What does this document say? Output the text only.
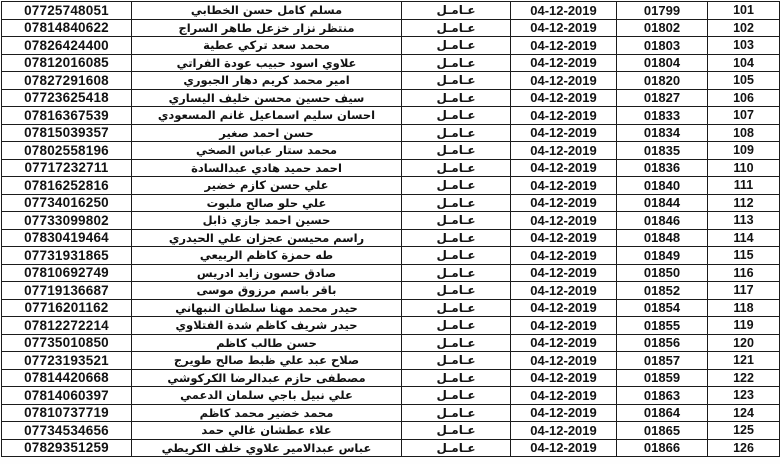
07725748051	مسلم كامل حسن الخطابي	عـامـل	04-12-2019	01799	101
07814840622	منتظر نزار خزعل طاهر السراج	عـامـل	04-12-2019	01802	102
07826424400	محمد سعد تركي عطية	عـامـل	04-12-2019	01803	103
07812016085	علاوي اسود حبيب عودة الفراتي	عـامـل	04-12-2019	01804	104
07827291608	امير محمد كريم دهار الجبوري	عـامـل	04-12-2019	01820	105
07723625418	سيف حسين محسن خليف اليساري	عـامـل	04-12-2019	01827	106
07816367539	احسان سليم اسماعيل غانم المسعودي	عـامـل	04-12-2019	01833	107
07815039357	حسن احمد صغير	عـامـل	04-12-2019	01834	108
07802558196	محمد ستار عباس الصخي	عـامـل	04-12-2019	01835	109
07717232711	احمد حميد هادي عبدالسادة	عـامـل	04-12-2019	01836	110
07816252816	علي حسن كازم خضير	عـامـل	04-12-2019	01840	111
07734016250	علي حلو صالح ملبوت	عـامـل	04-12-2019	01844	112
07733099802	حسين احمد جازي ذابل	عـامـل	04-12-2019	01846	113
07830419464	راسم محيسن عجزان علي الحيدري	عـامـل	04-12-2019	01848	114
07731931865	طه حمزة كاظم الربيعي	عـامـل	04-12-2019	01849	115
07810692749	صادق حسون زايد ادريس	عـامـل	04-12-2019	01850	116
07719136687	باقر باسم مرزوق موسى	عـامـل	04-12-2019	01852	117
07716201162	حيدر محمد مهنا سلطان النبهاني	عـامـل	04-12-2019	01854	118
07812272214	حيدر شريف كاظم شدة الفتلاوي	عـامـل	04-12-2019	01855	119
07735010850	حسن طالب كاظم	عـامـل	04-12-2019	01856	120
07723193521	صلاح عبد علي ظبط صالح طويرج	عـامـل	04-12-2019	01857	121
07814420668	مصطفى حازم عبدالرضا الكركوشي	عـامـل	04-12-2019	01859	122
07814060397	علي نبيل باجي سلمان الدعمي	عـامـل	04-12-2019	01863	123
07810737719	محمد خضير محمد كاظم	عـامـل	04-12-2019	01864	124
07734534656	علاء عطشان غالي حمد	عـامـل	04-12-2019	01865	125
07829351259	عباس عبدالامير علاوي خلف الكريطي	عـامـل	04-12-2019	01866	126
